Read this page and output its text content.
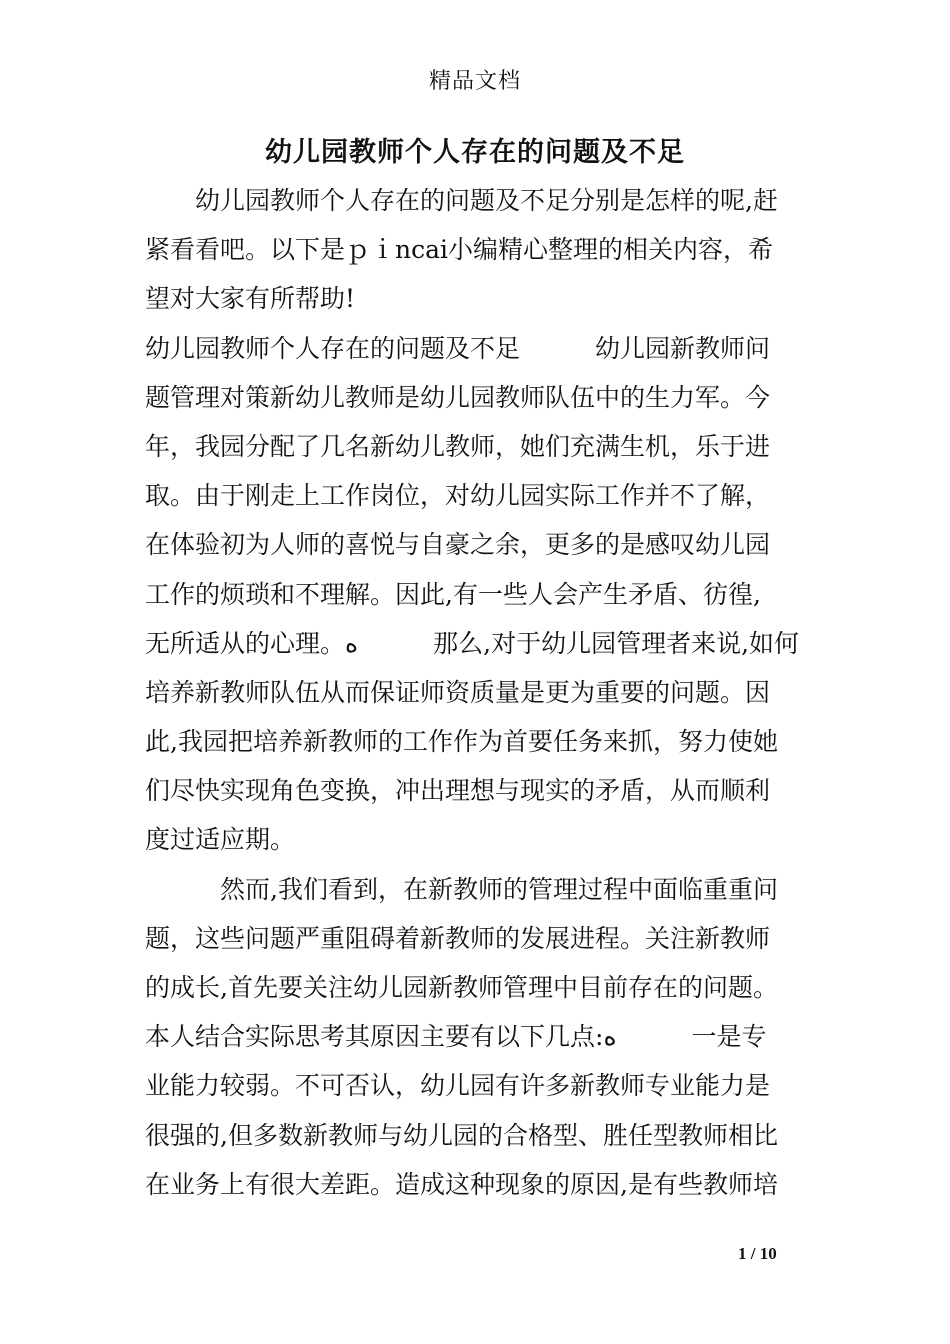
精品文档
幼儿园教师个人存在的问题及不足
　　幼儿园教师个人存在的问题及不足分别是怎样的呢,赶
紧看看吧。以下是ｐｉncai小编精心整理的相关内容，希
望对大家有所帮助!
幼儿园教师个人存在的问题及不足　　　幼儿园新教师问
题管理对策新幼儿教师是幼儿园教师队伍中的生力军。今
年，我园分配了几名新幼儿教师，她们充满生机，乐于进
取。由于刚走上工作岗位，对幼儿园实际工作并不了解，
在体验初为人师的喜悦与自豪之余，更多的是感叹幼儿园
工作的烦琐和不理解。因此,有一些人会产生矛盾、彷徨,
无所适从的心理。ﻩ　　　那么,对于幼儿园管理者来说,如何
培养新教师队伍从而保证师资质量是更为重要的问题。因
此,我园把培养新教师的工作作为首要任务来抓，努力使她
们尽快实现角色变换，冲出理想与现实的矛盾，从而顺利
度过适应期。
　　　然而,我们看到，在新教师的管理过程中面临重重问
题，这些问题严重阻碍着新教师的发展进程。关注新教师
的成长,首先要关注幼儿园新教师管理中目前存在的问题。
本人结合实际思考其原因主要有以下几点:ﻩ　　　一是专
业能力较弱。不可否认，幼儿园有许多新教师专业能力是
很强的,但多数新教师与幼儿园的合格型、胜任型教师相比
在业务上有很大差距。造成这种现象的原因,是有些教师培
1 / 10
